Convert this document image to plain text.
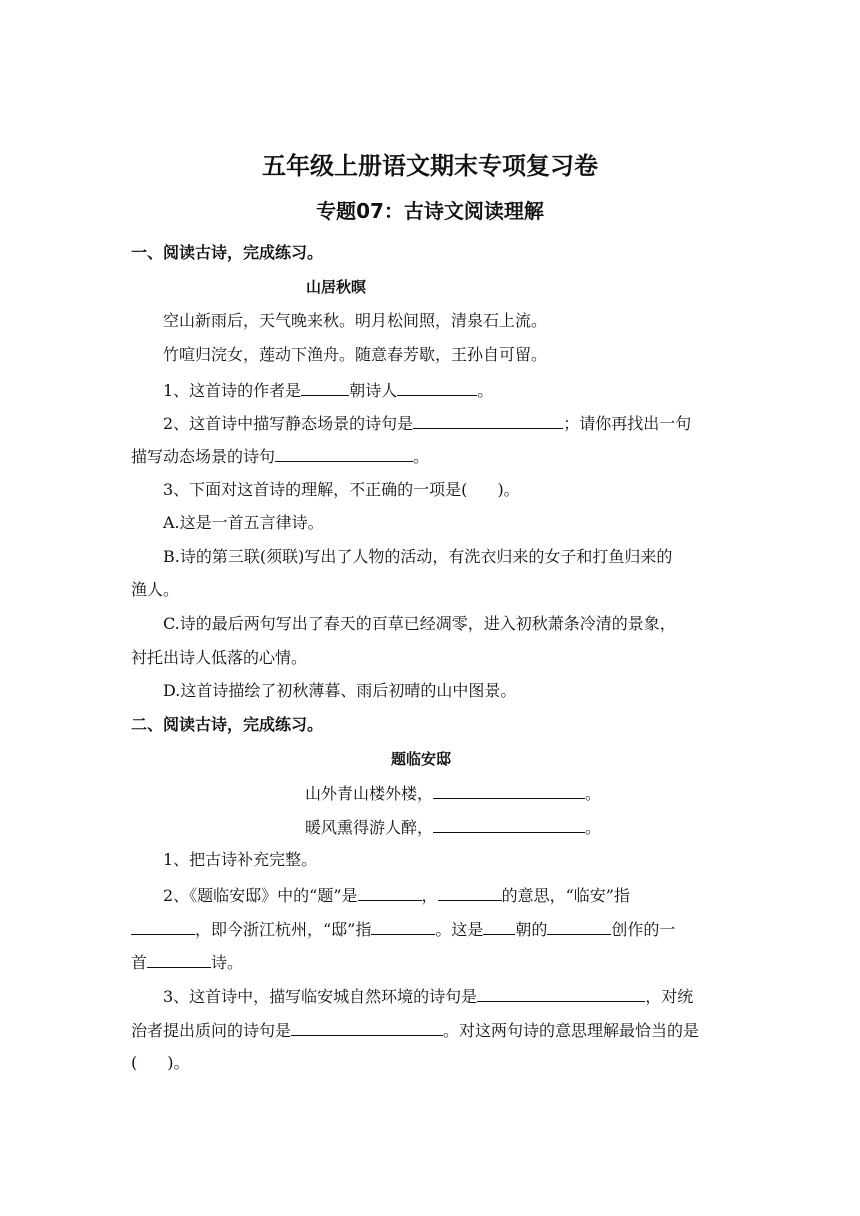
五年级上册语文期末专项复习卷
专题07：古诗文阅读理解
一、阅读古诗，完成练习。
山居秋暝
空山新雨后，天气晚来秋。明月松间照，清泉石上流。
竹喧归浣女，莲动下渔舟。随意春芳歇，王孙自可留。
1、这首诗的作者是	朝诗人	。
2、这首诗中描写静态场景的诗句是	；请你再找出一句
描写动态场景的诗句	。
3、下面对这首诗的理解，不正确的一项是( )。
A.这是一首五言律诗。
B.诗的第三联(须联)写出了人物的活动，有洗衣归来的女子和打鱼归来的
渔人。
C.诗的最后两句写出了春天的百草已经凋零，进入初秋萧条冷清的景象，
衬托出诗人低落的心情。
D.这首诗描绘了初秋薄暮、雨后初晴的山中图景。
二、阅读古诗，完成练习。
题临安邸
山外青山楼外楼，	。
暖风熏得游人醉，	。
1、把古诗补充完整。
2、《题临安邸》中的“题”是	，	的意思，“临安”指
，即今浙江杭州，“邸”指	。这是 朝的	创作的一
首	诗。
3、这首诗中，描写临安城自然环境的诗句是	，对统
治者提出质问的诗句是	。对这两句诗的意思理解最恰当的是
( )。
